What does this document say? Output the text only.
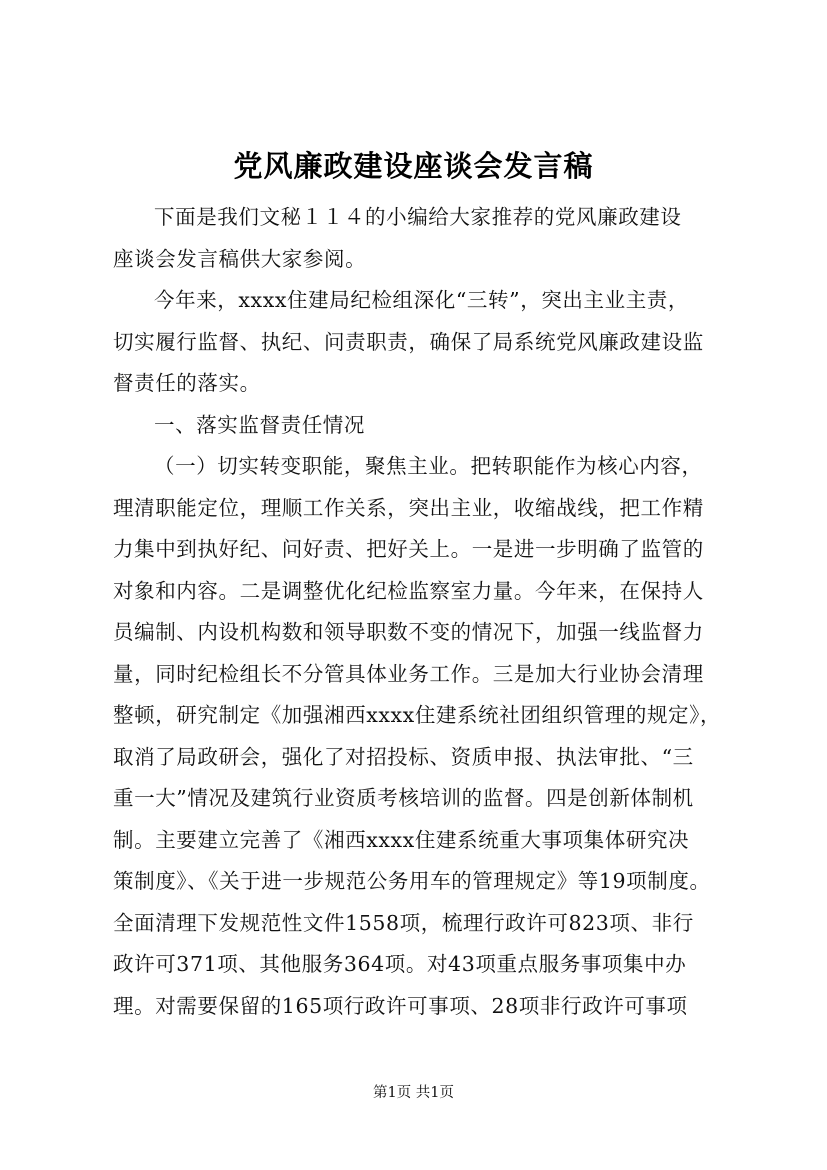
党风廉政建设座谈会发言稿
下面是我们文秘１１４的小编给大家推荐的党风廉政建设
座谈会发言稿供大家参阅。
今年来，xxxx住建局纪检组深化“三转”，突出主业主责，
切实履行监督、执纪、问责职责，确保了局系统党风廉政建设监
督责任的落实。
一、落实监督责任情况
（一）切实转变职能，聚焦主业。把转职能作为核心内容，
理清职能定位，理顺工作关系，突出主业，收缩战线，把工作精
力集中到执好纪、问好责、把好关上。一是进一步明确了监管的
对象和内容。二是调整优化纪检监察室力量。今年来，在保持人
员编制、内设机构数和领导职数不变的情况下，加强一线监督力
量，同时纪检组长不分管具体业务工作。三是加大行业协会清理
整顿，研究制定《加强湘西xxxx住建系统社团组织管理的规定》，
取消了局政研会，强化了对招投标、资质申报、执法审批、“三
重一大”情况及建筑行业资质考核培训的监督。四是创新体制机
制。主要建立完善了《湘西xxxx住建系统重大事项集体研究决
策制度》、《关于进一步规范公务用车的管理规定》等19项制度。
全面清理下发规范性文件1558项，梳理行政许可823项、非行
政许可371项、其他服务364项。对43项重点服务事项集中办
理。对需要保留的165项行政许可事项、28项非行政许可事项
第1页 共1页
